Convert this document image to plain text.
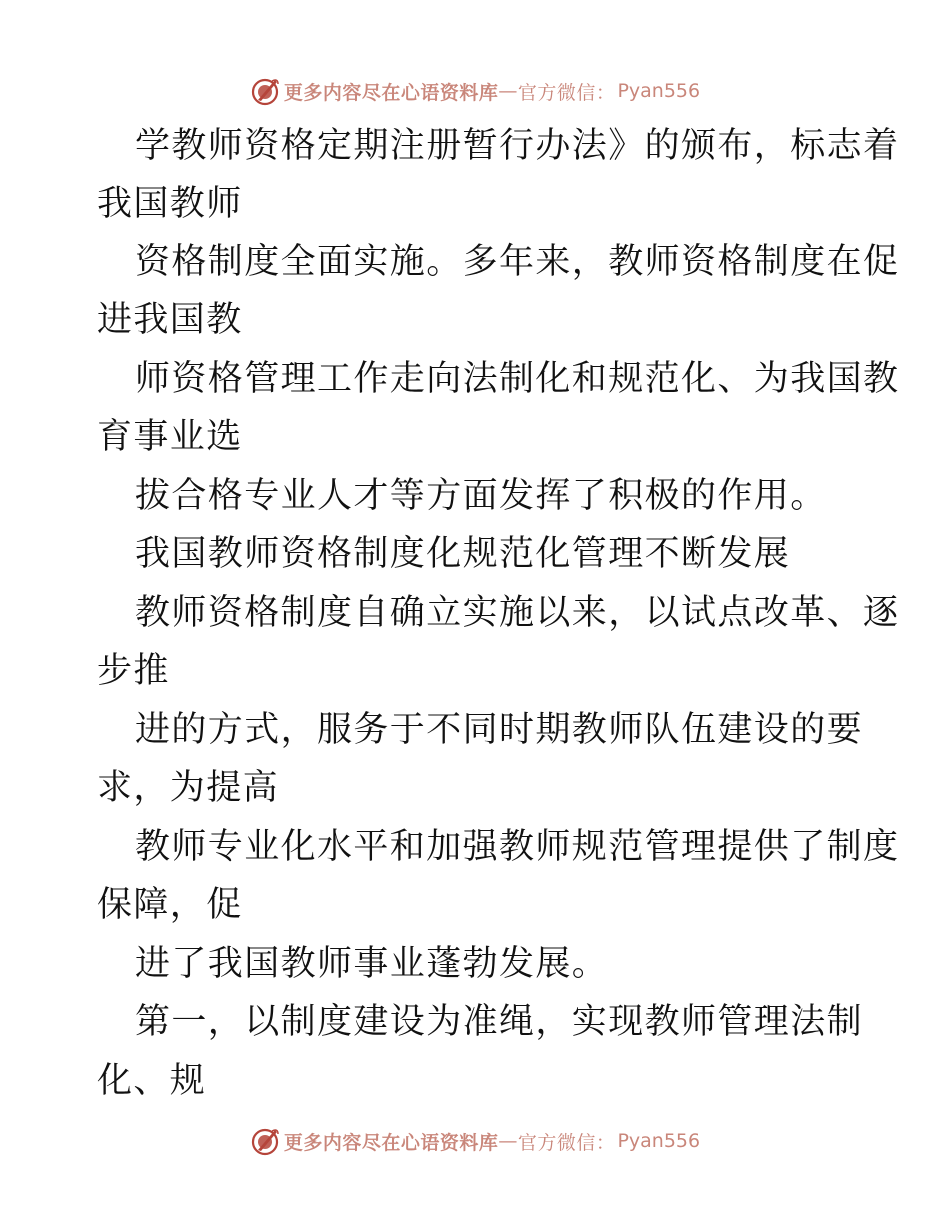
更多内容尽在心语资料库 — 官方微信： Pyan556
学教师资格定期注册暂行办法》的颁布，标志着
我国教师
资格制度全面实施。多年来，教师资格制度在促
进我国教
师资格管理工作走向法制化和规范化、为我国教
育事业选
拔合格专业人才等方面发挥了积极的作用。
我国教师资格制度化规范化管理不断发展
教师资格制度自确立实施以来，以试点改革、逐
步推
进的方式，服务于不同时期教师队伍建设的要
求，为提高
教师专业化水平和加强教师规范管理提供了制度
保障，促
进了我国教师事业蓬勃发展。
第一，以制度建设为准绳，实现教师管理法制
化、规
更多内容尽在心语资料库 — 官方微信： Pyan556
